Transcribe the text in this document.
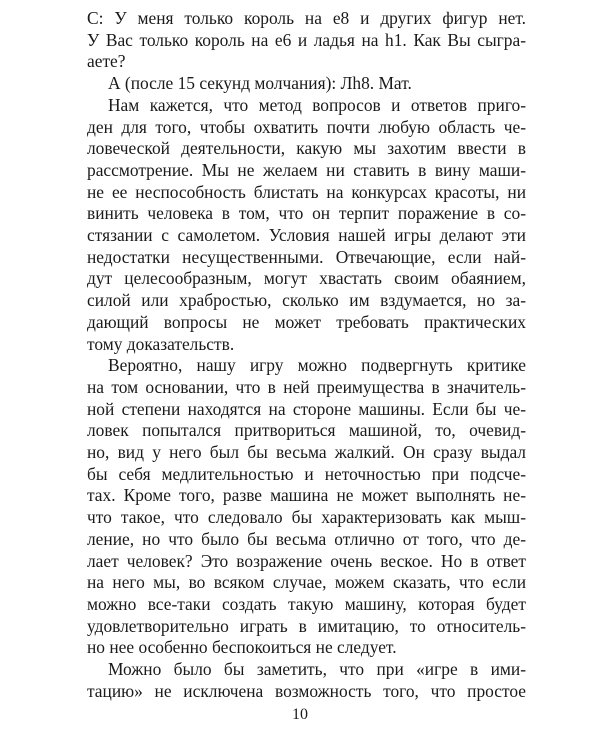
С: У меня только король на е8 и других фигур нет.
У Вас только король на е6 и ладья на h1. Как Вы сыгра-
аете?
А (после 15 секунд молчания): Лh8. Мат.
Нам кажется, что метод вопросов и ответов приго-
ден для того, чтобы охватить почти любую область че-
ловеческой деятельности, какую мы захотим ввести в
рассмотрение. Мы не желаем ни ставить в вину маши-
не ее неспособность блистать на конкурсах красоты, ни
винить человека в том, что он терпит поражение в со-
стязании с самолетом. Условия нашей игры делают эти
недостатки несущественными. Отвечающие, если най-
дут целесообразным, могут хвастать своим обаянием,
силой или храбростью, сколько им вздумается, но за-
дающий вопросы не может требовать практических
тому доказательств.
Вероятно, нашу игру можно подвергнуть критике
на том основании, что в ней преимущества в значитель-
ной степени находятся на стороне машины. Если бы че-
ловек попытался притвориться машиной, то, очевид-
но, вид у него был бы весьма жалкий. Он сразу выдал
бы себя медлительностью и неточностью при подсче-
тах. Кроме того, разве машина не может выполнять не-
что такое, что следовало бы характеризовать как мыш-
ление, но что было бы весьма отлично от того, что де-
лает человек? Это возражение очень веское. Но в ответ
на него мы, во всяком случае, можем сказать, что если
можно все-таки создать такую машину, которая будет
удовлетворительно играть в имитацию, то относитель-
но нее особенно беспокоиться не следует.
Можно было бы заметить, что при «игре в ими-
тацию» не исключена возможность того, что простое
10
